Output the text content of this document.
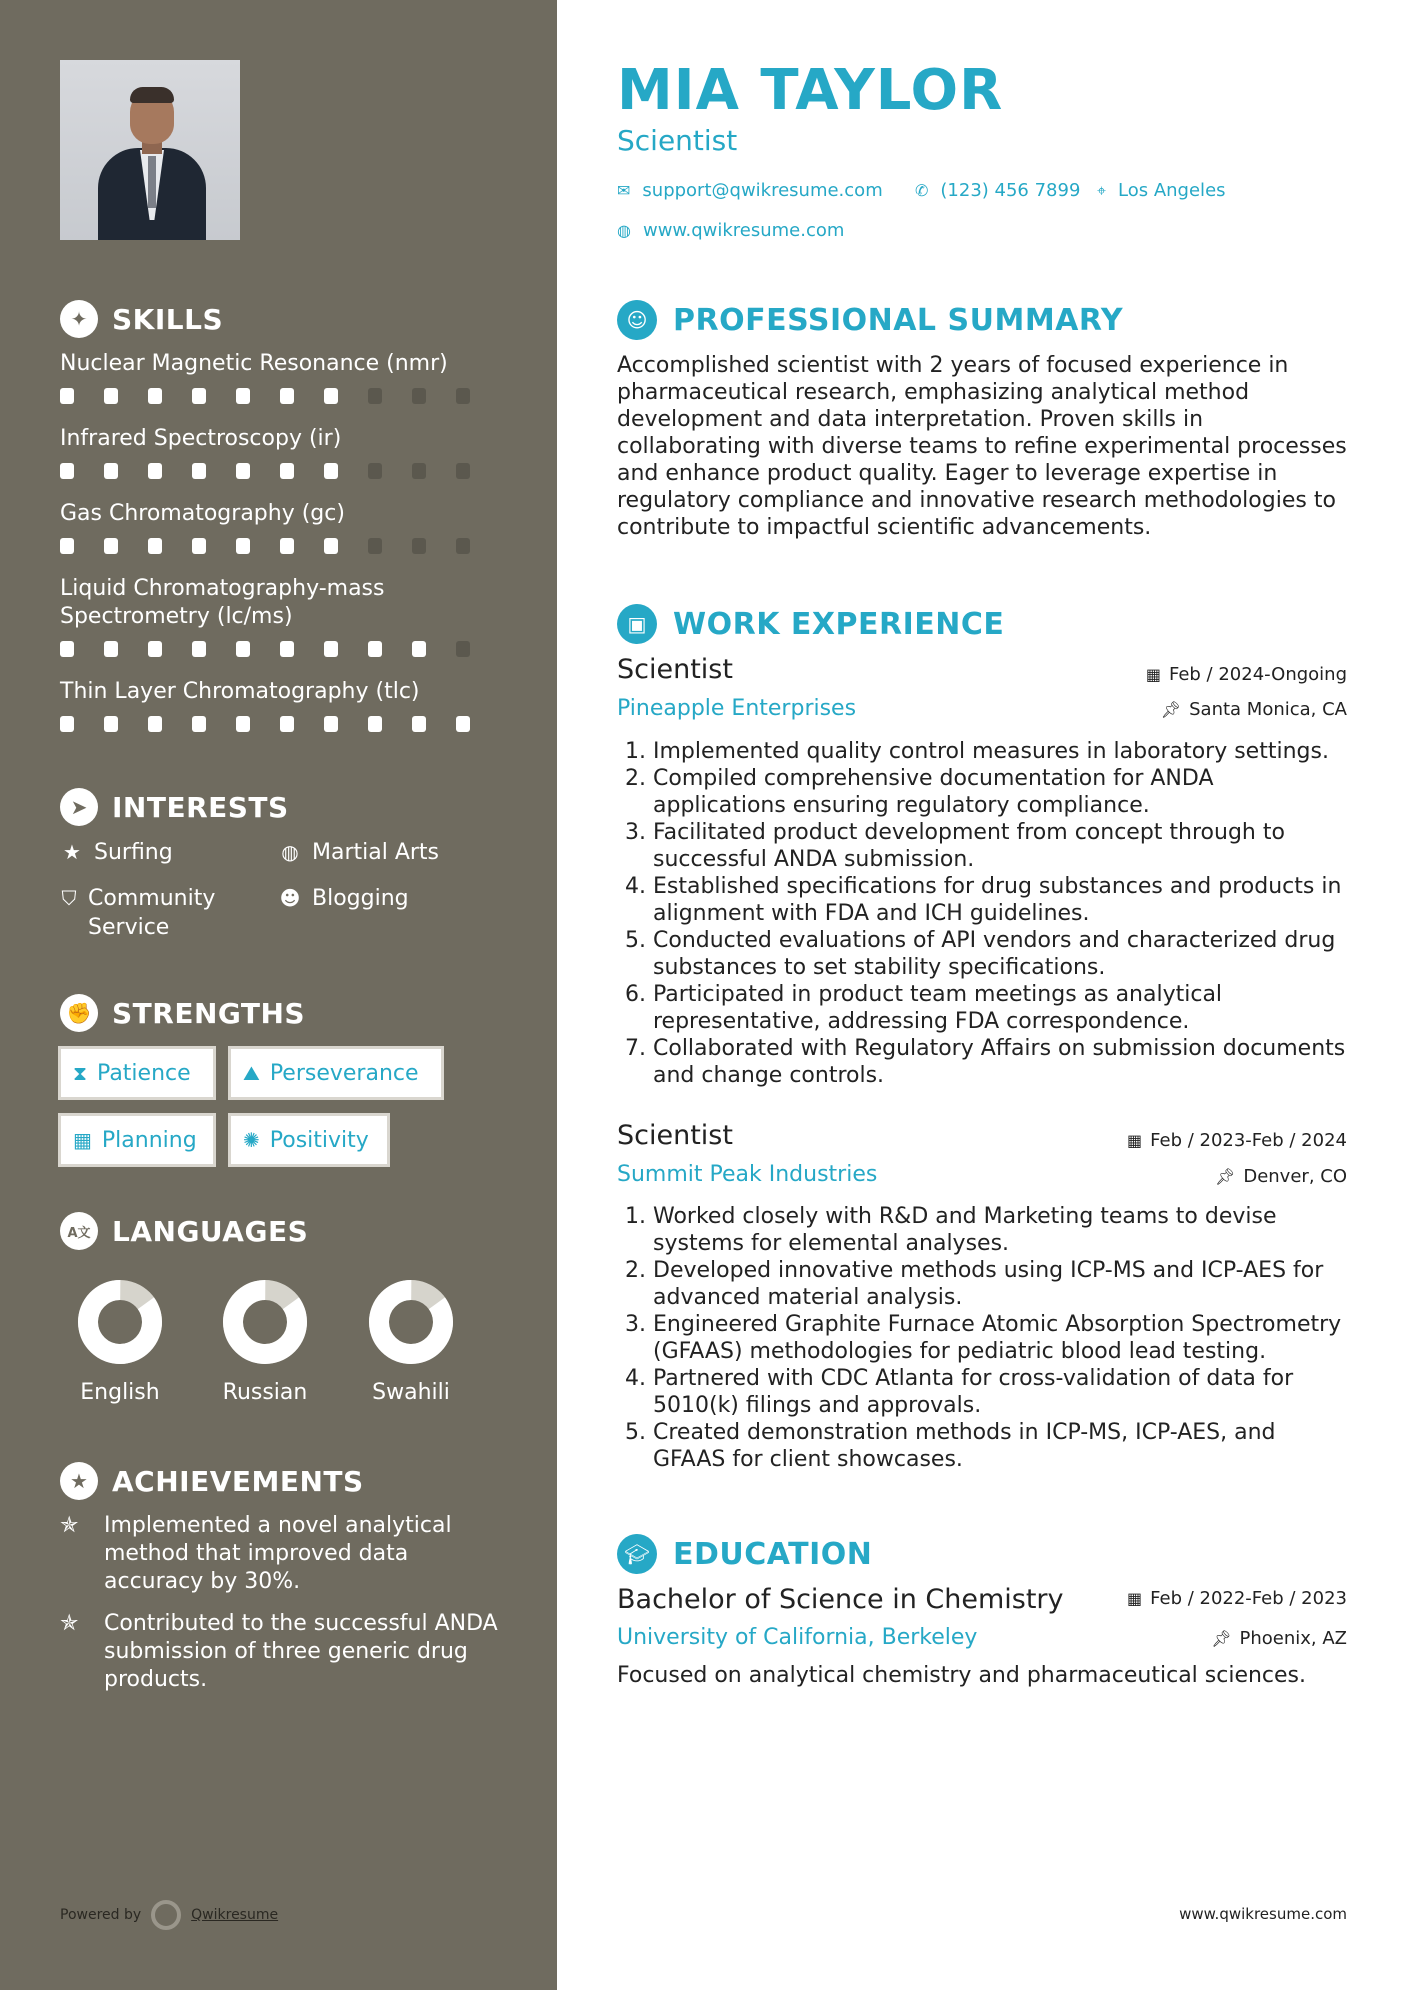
✦ SKILLS
Nuclear Magnetic Resonance (nmr)
Infrared Spectroscopy (ir)
Gas Chromatography (gc)
Liquid Chromatography-mass Spectrometry (lc/ms)
Thin Layer Chromatography (tlc)
➤ INTERESTS
★ Surfing	◍ Martial Arts
⛉ Community Service
☻ Blogging
✊ STRENGTHS
⧗ Patience	⛰ Perseverance
▦ Planning ✺ Positivity
A文 LANGUAGES
English	Russian	Swahili
★ ACHIEVEMENTS
✯	Implemented a novel analytical method that improved data accuracy by 30%.
✯	Contributed to the successful ANDA submission of three generic drug products.
Powered by	Qwikresume
MIA TAYLOR
Scientist
✉ support@qwikresume.com ✆ (123) 456 7899 ⌖ Los Angeles
◍ www.qwikresume.com
☺ PROFESSIONAL SUMMARY
Accomplished scientist with 2 years of focused experience in pharmaceutical research, emphasizing analytical method development and data interpretation. Proven skills in collaborating with diverse teams to refine experimental processes and enhance product quality. Eager to leverage expertise in regulatory compliance and innovative research methodologies to contribute to impactful scientific advancements.
▣ WORK EXPERIENCE
Scientist	▦ Feb / 2024-Ongoing
Pineapple Enterprises	📌︎ Santa Monica, CA
1. Implemented quality control measures in laboratory settings.
2. Compiled comprehensive documentation for ANDA applications ensuring regulatory compliance.
3. Facilitated product development from concept through to successful ANDA submission.
4. Established specifications for drug substances and products in alignment with FDA and ICH guidelines.
5. Conducted evaluations of API vendors and characterized drug substances to set stability specifications.
6. Participated in product team meetings as analytical representative, addressing FDA correspondence.
7. Collaborated with Regulatory Affairs on submission documents and change controls.
Scientist	▦ Feb / 2023-Feb / 2024
Summit Peak Industries	📌︎ Denver, CO
1. Worked closely with R&D and Marketing teams to devise systems for elemental analyses.
2. Developed innovative methods using ICP-MS and ICP-AES for advanced material analysis.
3. Engineered Graphite Furnace Atomic Absorption Spectrometry (GFAAS) methodologies for pediatric blood lead testing.
4. Partnered with CDC Atlanta for cross-validation of data for 5010(k) filings and approvals.
5. Created demonstration methods in ICP-MS, ICP-AES, and GFAAS for client showcases.
🎓︎ EDUCATION
Bachelor of Science in Chemistry	▦ Feb / 2022-Feb / 2023
University of California, Berkeley	📌︎ Phoenix, AZ
Focused on analytical chemistry and pharmaceutical sciences.
www.qwikresume.com
